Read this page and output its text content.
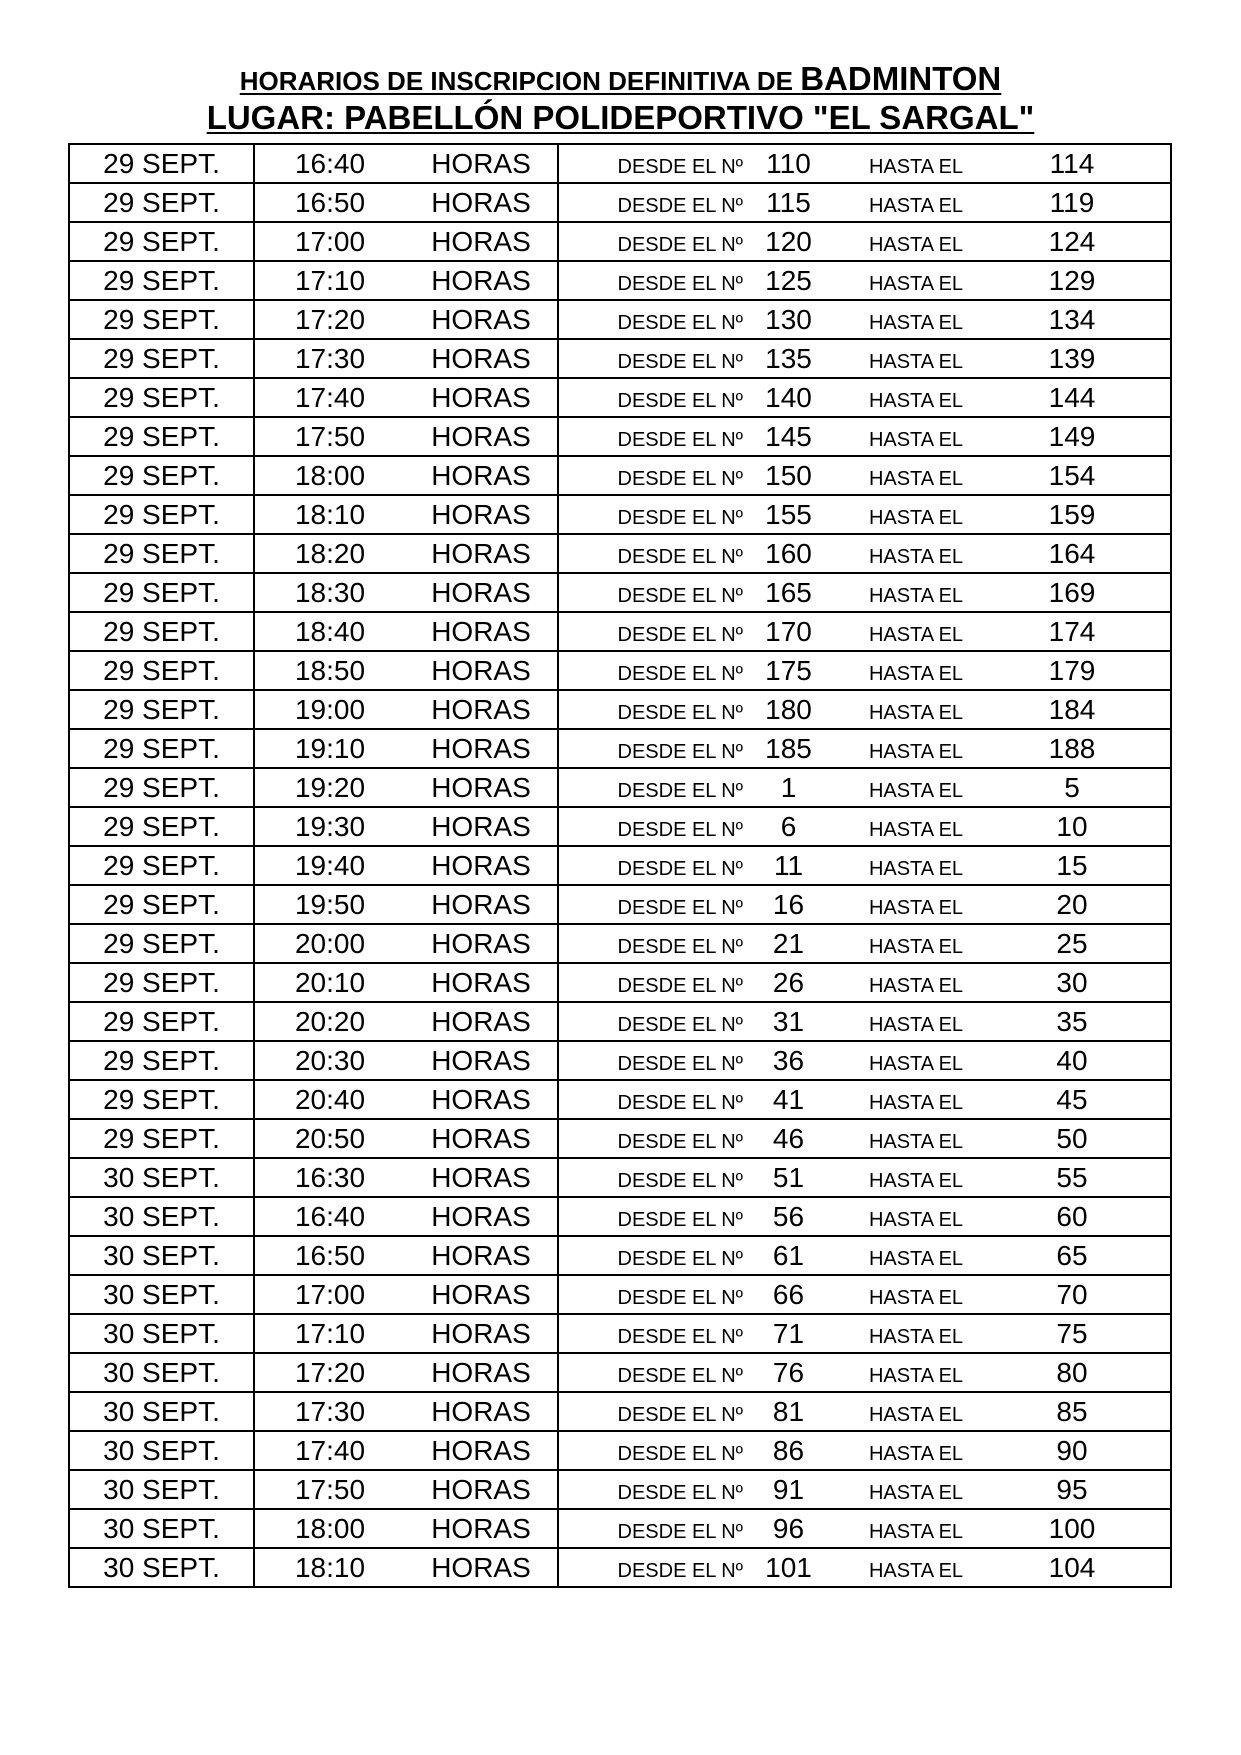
HORARIOS DE INSCRIPCION DEFINITIVA DE BADMINTON
LUGAR: PABELLÓN POLIDEPORTIVO "EL SARGAL"
29 SEPT.	16:40	HORAS	DESDE EL Nº	110	HASTA EL	114
29 SEPT.	16:50	HORAS	DESDE EL Nº	115	HASTA EL	119
29 SEPT.	17:00	HORAS	DESDE EL Nº	120	HASTA EL	124
29 SEPT.	17:10	HORAS	DESDE EL Nº	125	HASTA EL	129
29 SEPT.	17:20	HORAS	DESDE EL Nº	130	HASTA EL	134
29 SEPT.	17:30	HORAS	DESDE EL Nº	135	HASTA EL	139
29 SEPT.	17:40	HORAS	DESDE EL Nº	140	HASTA EL	144
29 SEPT.	17:50	HORAS	DESDE EL Nº	145	HASTA EL	149
29 SEPT.	18:00	HORAS	DESDE EL Nº	150	HASTA EL	154
29 SEPT.	18:10	HORAS	DESDE EL Nº	155	HASTA EL	159
29 SEPT.	18:20	HORAS	DESDE EL Nº	160	HASTA EL	164
29 SEPT.	18:30	HORAS	DESDE EL Nº	165	HASTA EL	169
29 SEPT.	18:40	HORAS	DESDE EL Nº	170	HASTA EL	174
29 SEPT.	18:50	HORAS	DESDE EL Nº	175	HASTA EL	179
29 SEPT.	19:00	HORAS	DESDE EL Nº	180	HASTA EL	184
29 SEPT.	19:10	HORAS	DESDE EL Nº	185	HASTA EL	188
29 SEPT.	19:20	HORAS	DESDE EL Nº	1	HASTA EL	5
29 SEPT.	19:30	HORAS	DESDE EL Nº	6	HASTA EL	10
29 SEPT.	19:40	HORAS	DESDE EL Nº	11	HASTA EL	15
29 SEPT.	19:50	HORAS	DESDE EL Nº	16	HASTA EL	20
29 SEPT.	20:00	HORAS	DESDE EL Nº	21	HASTA EL	25
29 SEPT.	20:10	HORAS	DESDE EL Nº	26	HASTA EL	30
29 SEPT.	20:20	HORAS	DESDE EL Nº	31	HASTA EL	35
29 SEPT.	20:30	HORAS	DESDE EL Nº	36	HASTA EL	40
29 SEPT.	20:40	HORAS	DESDE EL Nº	41	HASTA EL	45
29 SEPT.	20:50	HORAS	DESDE EL Nº	46	HASTA EL	50
30 SEPT.	16:30	HORAS	DESDE EL Nº	51	HASTA EL	55
30 SEPT.	16:40	HORAS	DESDE EL Nº	56	HASTA EL	60
30 SEPT.	16:50	HORAS	DESDE EL Nº	61	HASTA EL	65
30 SEPT.	17:00	HORAS	DESDE EL Nº	66	HASTA EL	70
30 SEPT.	17:10	HORAS	DESDE EL Nº	71	HASTA EL	75
30 SEPT.	17:20	HORAS	DESDE EL Nº	76	HASTA EL	80
30 SEPT.	17:30	HORAS	DESDE EL Nº	81	HASTA EL	85
30 SEPT.	17:40	HORAS	DESDE EL Nº	86	HASTA EL	90
30 SEPT.	17:50	HORAS	DESDE EL Nº	91	HASTA EL	95
30 SEPT.	18:00	HORAS	DESDE EL Nº	96	HASTA EL	100
30 SEPT.	18:10	HORAS	DESDE EL Nº	101	HASTA EL	104
